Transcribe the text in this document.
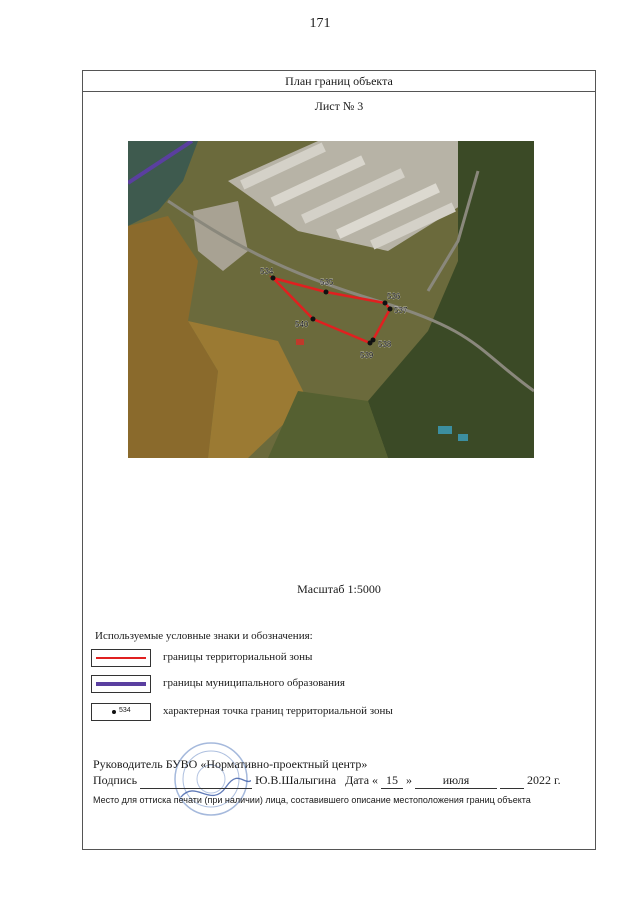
171
План границ объекта
Лист № 3
534
535
536
537
538
539
540
Масштаб 1:5000
Используемые условные знаки и обозначения:
границы территориальной зоны
границы муниципального образования
534	характерная точка границ территориальной зоны
Руководитель БУВО «Нормативно-проектный центр»
Подпись	Ю.В.Шалыгина Дата « 15 »	июля	2022 г.
Место для оттиска печати (при наличии) лица, составившего описание местоположения границ объекта
